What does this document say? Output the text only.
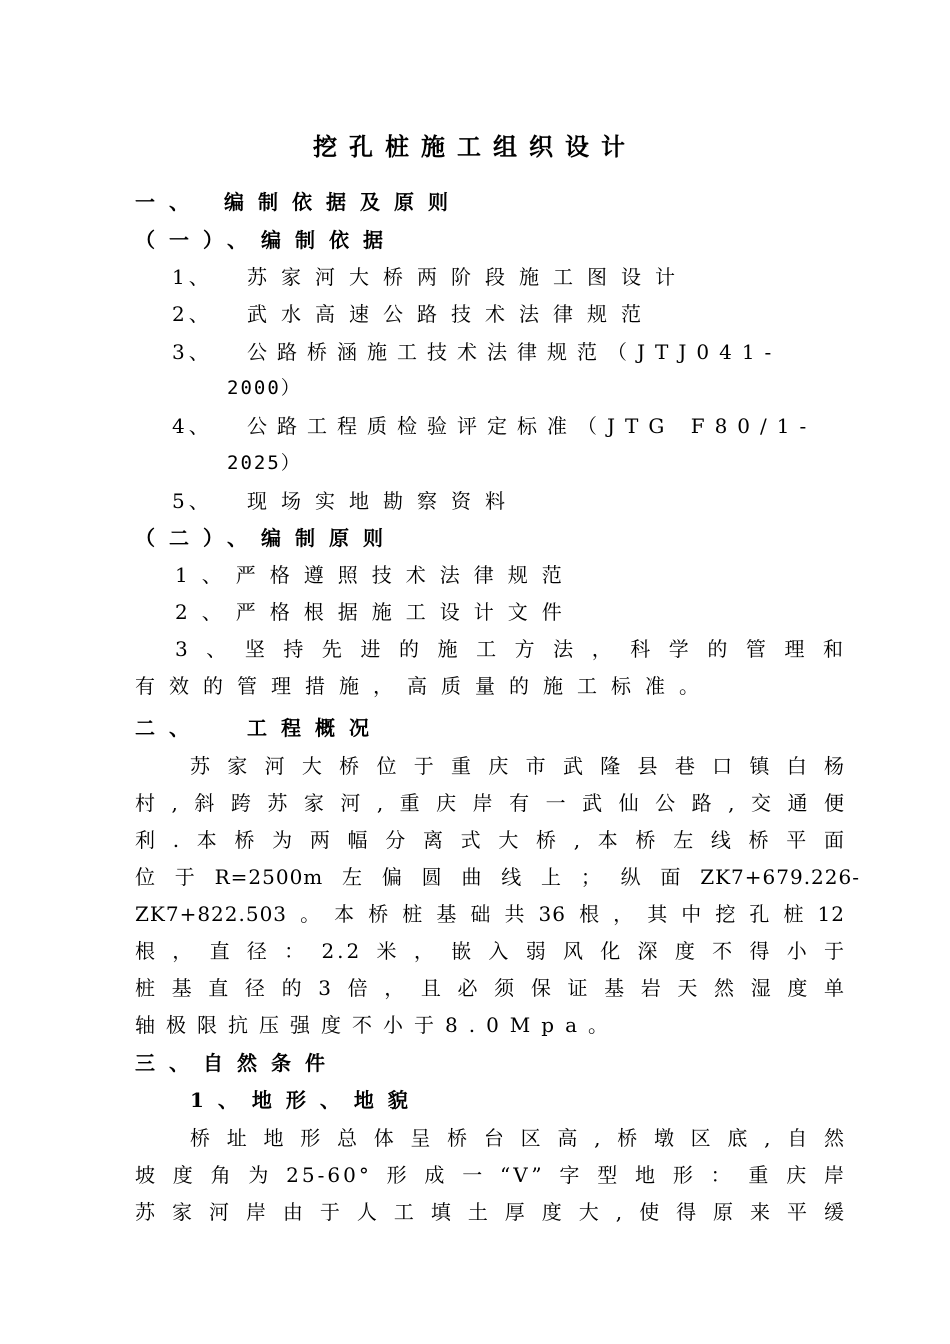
挖孔桩施工组织设计
一、 编制依据及原则
（一）、编制依据
1、 苏家河大桥两阶段施工图设计
2、 武水高速公路技术法律规范
3、 公路桥涵施工技术法律规范（JTJ041-
2000）
4、 公路工程质检验评定标准（JTG F80/1-
2025）
5、 现场实地勘察资料
（二）、编制原则
1、严格遵照技术法律规范
2、严格根据施工设计文件
3、坚持先进的施工方法，科学的管理和
有效的管理措施，高质量的施工标准。
二、 工程概况
苏家河大桥位于重庆市武隆县巷口镇白杨
村,斜跨苏家河,重庆岸有一武仙公路,交通便
利.本桥为两幅分离式大桥,本桥左线桥平面
位于R=2500m左偏圆曲线上；纵面ZK7+679.226-
ZK7+822.503。本桥桩基础共36根，其中挖孔桩12
根，直径：2.2米，嵌入弱风化深度不得小于
桩基直径的3倍，且必须保证基岩天然湿度单
轴极限抗压强度不小于8.0Mpa。
三、自然条件
1、地形、地貌
桥址地形总体呈桥台区高,桥墩区底,自然
坡度角为25-60°形成一“V”字型地形：重庆岸
苏家河岸由于人工填土厚度大,使得原来平缓
